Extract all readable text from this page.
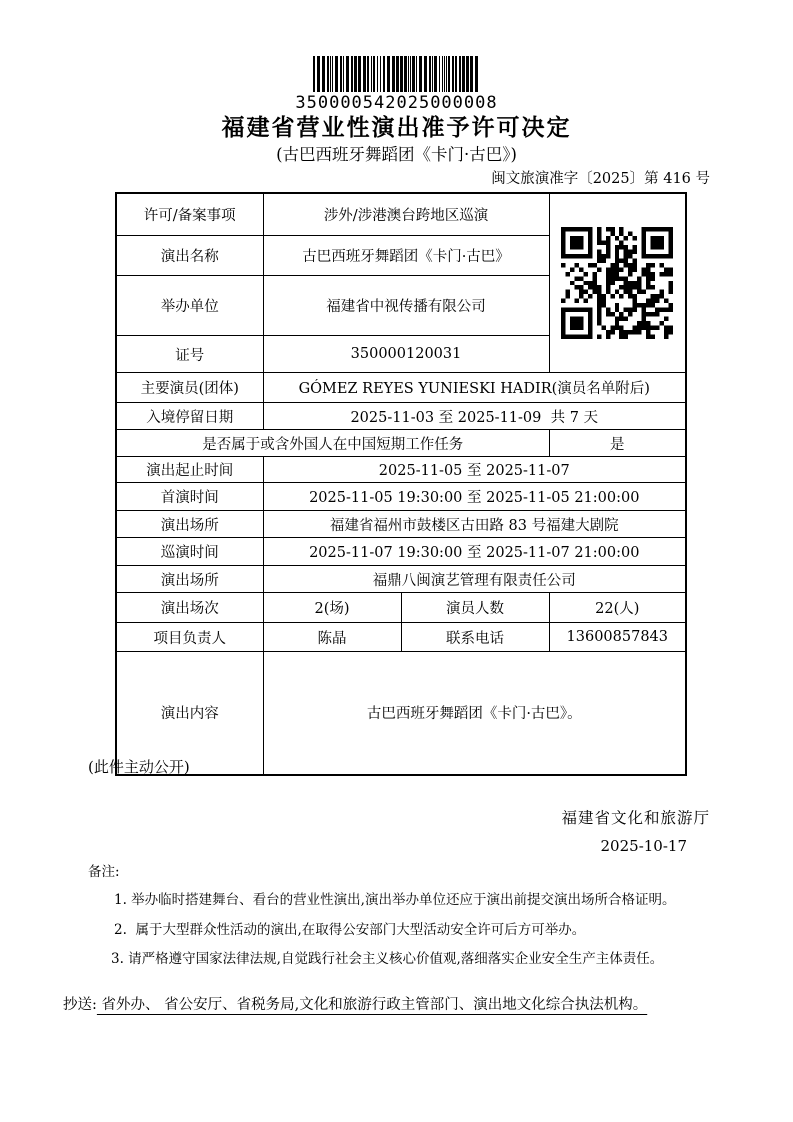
350000542025000008
福建省营业性演出准予许可决定
(古巴西班牙舞蹈团《卡门·古巴》)
闽文旅演准字〔2025〕第 416 号
许可/备案事项	涉外/涉港澳台跨地区巡演	

演出名称	古巴西班牙舞蹈团《卡门·古巴》		
举办单位	福建省中视传播有限公司		
证号	350000120031		
主要演员(团体)	GÓMEZ REYES YUNIESKI HADIR(演员名单附后)		
入境停留日期	2025-11-03 至 2025-11-09  共 7 天		
是否属于或含外国人在中国短期工作任务			是
演出起止时间	2025-11-05 至 2025-11-07		
首演时间	2025-11-05 19:30:00 至 2025-11-05 21:00:00		
演出场所	福建省福州市鼓楼区古田路 83 号福建大剧院		
巡演时间	2025-11-07 19:30:00 至 2025-11-07 21:00:00		
演出场所	福鼎八闽演艺管理有限责任公司		
演出场次	2(场)	演员人数	22(人)
项目负责人	陈晶	联系电话	13600857843
演出内容	古巴西班牙舞蹈团《卡门·古巴》。		
(此件主动公开)
福建省文化和旅游厅
2025-10-17
备注:
1. 举办临时搭建舞台、看台的营业性演出,演出举办单位还应于演出前提交演出场所合格证明。
2.  属于大型群众性活动的演出,在取得公安部门大型活动安全许可后方可举办。
3. 请严格遵守国家法律法规,自觉践行社会主义核心价值观,落细落实企业安全生产主体责任。
抄送: 省外办、 省公安厅、省税务局,文化和旅游行政主管部门、演出地文化综合执法机构。
